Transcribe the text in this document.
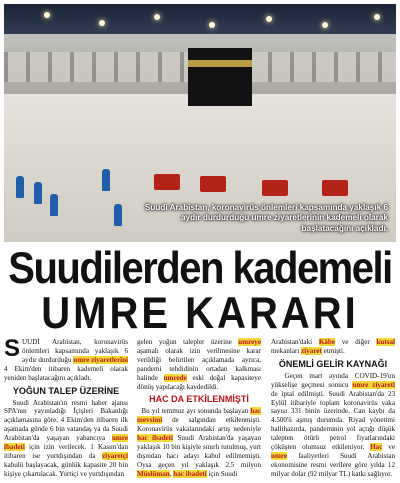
Suudi Arabistan, koronavirüs önlemleri kapsamında yaklaşık 6 aydır durdurduğu umre ziyaretlerinin kademeli olarak başlatacağını açıkladı.
Suudilerden kademeli
UMRE KARARI

SUUDİ Arabistan, koronavirüs önlemleri kapsamında yaklaşık 6 aydır durdurduğu umre ziyaretlerini 4 Ekim'den itibaren kademeli olarak yeniden başlatacağını açıkladı.

YOĞUN TALEP ÜZERİNE

Suudi Arabistan'ın resmi haber ajansı SPA'nın yayınladığı İçişleri Bakanlığı açıklamasına göre, 4 Ekim'den itibaren ilk aşamada günde 6 bin vatandaş ya da Suudi Arabistan'da yaşayan yabancıya umre ibadeti için izin verilecek. 1 Kasım'dan itibaren ise yurtdışından da ziyaretçi kabulü başlayacak, günlük kapasite 20 bin kişiye çıkartılacak. Yurtiçi ve yurtdışından

gelen yoğun talepler üzerine umreye aşamalı olarak izin verilmesine karar verildiği belirtilen açıklamada ayrıca, pandemi tehdidinin ortadan kalkması halinde umrede eski doğal kapasiteye dönüş yapılacağı kaydedildi.

HAC DA ETKİLENMİŞTİ

Bu yıl temmuz ayı sonunda başlayan hac mevsimi de salgından etkilenmişti. Koronavirüs vakalarındaki artış nedeniyle hac ibadeti Suudi Arabistan'da yaşayan yaklaşık 10 bin kişiyle sınırlı tutulmuş, yurt dışından hacı adayı kabul edilmemişti. Oysa geçen yıl yaklaşık 2.5 milyon Müslüman, hac ibadeti için Suudi

Arabistan'daki Kâbe ve diğer kutsal mekanları ziyaret etmişti.

ÖNEMLİ GELİR KAYNAĞI

Geçen mart ayında COVID-19'un yükselişe geçmesi sonucu umre ziyareti de iptal edilmişti. Suudi Arabistan'da 23 Eylül itibariyle toplam koronavirüs vaka sayısı 331 binin üzerinde. Can kaybı da 4.500'ü aşmış durumda. Riyad yönetimi hallihazırda, pandeminin yol açtığı düşük talepten ötürü petrol fiyatlarındaki çöküşten olumsuz etkileniyor. Hac ve umre faaliyetleri Suudi Arabistan ekonomisine resmi verilere göre yılda 12 milyar dolar (92 milyar TL) katkı sağlıyor.
